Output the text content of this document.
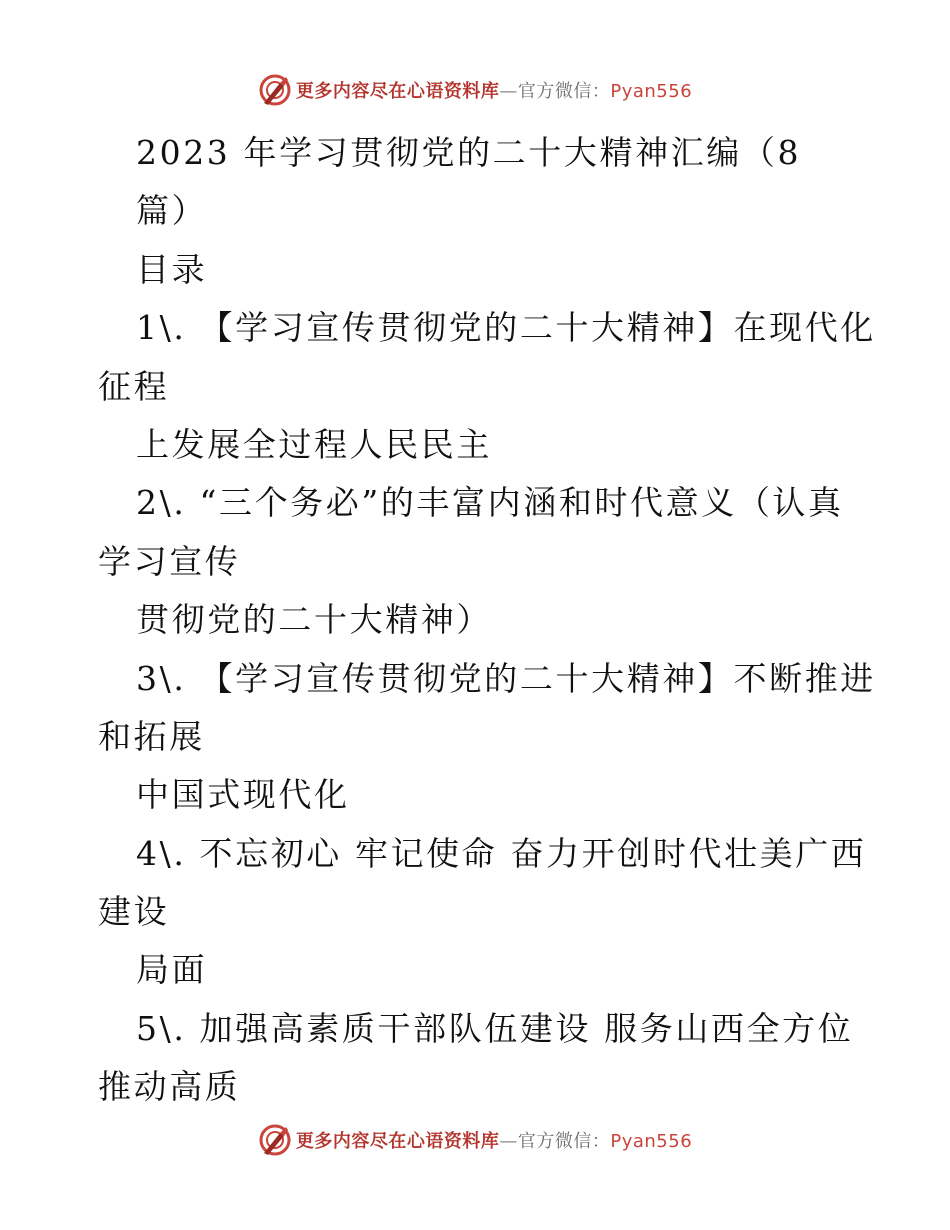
更多内容尽在心语资料库—官方微信：Pyan556
2023 年学习贯彻党的二十大精神汇编（8
篇）
目录
1\. 【学习宣传贯彻党的二十大精神】在现代化
征程
上发展全过程人民民主
2\. “三个务必”的丰富内涵和时代意义（认真
学习宣传
贯彻党的二十大精神）
3\. 【学习宣传贯彻党的二十大精神】不断推进
和拓展
中国式现代化
4\. 不忘初心 牢记使命 奋力开创时代壮美广西
建设
局面
5\. 加强高素质干部队伍建设 服务山西全方位
推动高质
更多内容尽在心语资料库—官方微信：Pyan556
